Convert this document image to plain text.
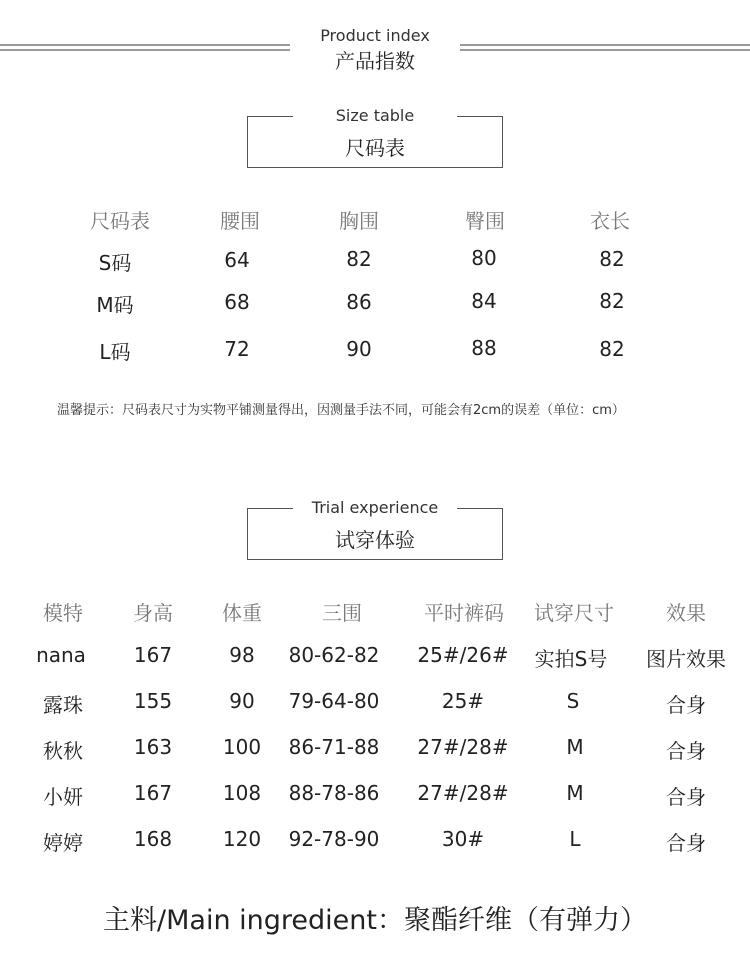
Product index
产品指数
Size table
尺码表
尺码表	腰围	胸围	臀围	衣长
S码	64	82	80	82
M码	68	86	84	82
L码	72	90	88	82
温馨提示：尺码表尺寸为实物平铺测量得出，因测量手法不同，可能会有2cm的误差（单位：cm）
Trial experience
试穿体验
模特	身高	体重	三围	平时裤码	试穿尺寸	效果
nana	167	98	80-62-82	25#/26#	实拍S号	图片效果
露珠	155	90	79-64-80	25#	S	合身
秋秋	163	100	86-71-88	27#/28#	M	合身
小妍	167	108	88-78-86	27#/28#	M	合身
婷婷	168	120	92-78-90	30#	L	合身
主料/Main ingredient：聚酯纤维（有弹力）
